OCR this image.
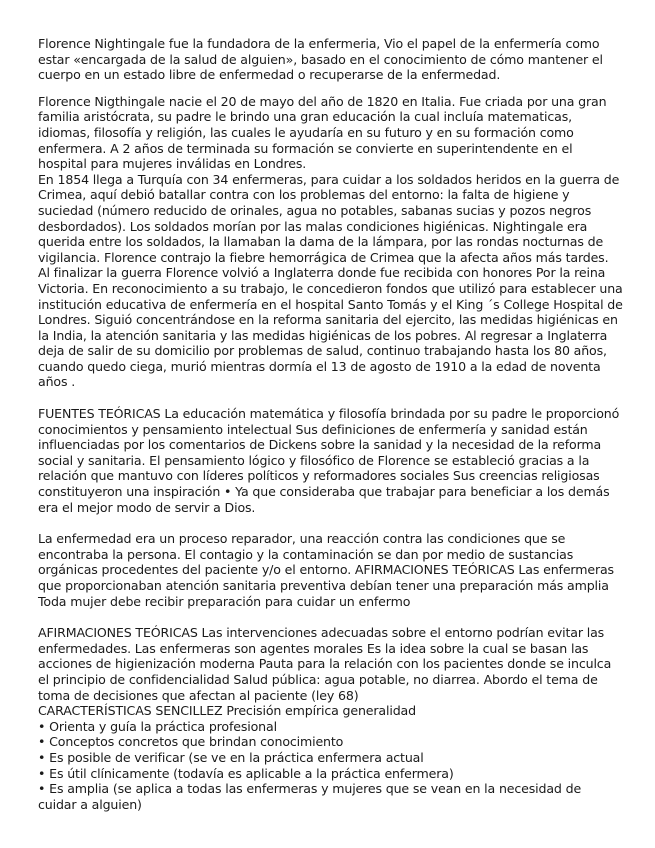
Florence Nightingale fue la fundadora de la enfermeria, Vio el papel de la enfermería como estar «encargada de la salud de alguien», basado en el conocimiento de cómo mantener el cuerpo en un estado libre de enfermedad o recuperarse de la enfermedad.

Florence Nigthingale nacie el 20 de mayo del año de 1820 en Italia. Fue criada por una gran familia aristócrata, su padre le brindo una gran educación la cual incluía matematicas, idiomas, filosofía y religión, las cuales le ayudaría en su futuro y en su formación como enfermera. A 2 años de terminada su formación se convierte en superintendente en el hospital para mujeres inválidas en Londres.
En 1854 llega a Turquía con 34 enfermeras, para cuidar a los soldados heridos en la guerra de Crimea, aquí debió batallar contra con los problemas del entorno: la falta de higiene y suciedad (número reducido de orinales, agua no potables, sabanas sucias y pozos negros desbordados). Los soldados morían por las malas condiciones higiénicas. Nightingale era querida entre los soldados, la llamaban la dama de la lámpara, por las rondas nocturnas de vigilancia. Florence contrajo la fiebre hemorrágica de Crimea que la afecta años más tardes.
Al finalizar la guerra Florence volvió a Inglaterra donde fue recibida con honores Por la reina Victoria. En reconocimiento a su trabajo, le concedieron fondos que utilizó para establecer una institución educativa de enfermería en el hospital Santo Tomás y el King ´s College Hospital de Londres. Siguió concentrándose en la reforma sanitaria del ejercito, las medidas higiénicas en la India, la atención sanitaria y las medidas higiénicas de los pobres. Al regresar a Inglaterra deja de salir de su domicilio por problemas de salud, continuo trabajando hasta los 80 años, cuando quedo ciega, murió mientras dormía el 13 de agosto de 1910 a la edad de noventa años .

FUENTES TEÓRICAS La educación matemática y filosofía brindada por su padre le proporcionó conocimientos y pensamiento intelectual Sus definiciones de enfermería y sanidad están influenciadas por los comentarios de Dickens sobre la sanidad y la necesidad de la reforma social y sanitaria. El pensamiento lógico y filosófico de Florence se estableció gracias a la relación que mantuvo con líderes políticos y reformadores sociales Sus creencias religiosas constituyeron una inspiración • Ya que consideraba que trabajar para beneficiar a los demás era el mejor modo de servir a Dios.

La enfermedad era un proceso reparador, una reacción contra las condiciones que se encontraba la persona. El contagio y la contaminación se dan por medio de sustancias orgánicas procedentes del paciente y/o el entorno. AFIRMACIONES TEÓRICAS Las enfermeras que proporcionaban atención sanitaria preventiva debían tener una preparación más amplia Toda mujer debe recibir preparación para cuidar un enfermo

AFIRMACIONES TEÓRICAS Las intervenciones adecuadas sobre el entorno podrían evitar las enfermedades. Las enfermeras son agentes morales Es la idea sobre la cual se basan las acciones de higienización moderna Pauta para la relación con los pacientes donde se inculca el principio de confidencialidad Salud pública: agua potable, no diarrea. Abordo el tema de toma de decisiones que afectan al paciente (ley 68)
CARACTERÍSTICAS SENCILLEZ Precisión empírica generalidad

• Orienta y guía la práctica profesional

• Conceptos concretos que brindan conocimiento

• Es posible de verificar (se ve en la práctica enfermera actual

• Es útil clínicamente (todavía es aplicable a la práctica enfermera)

• Es amplia (se aplica a todas las enfermeras y mujeres que se vean en la necesidad de cuidar a alguien)
